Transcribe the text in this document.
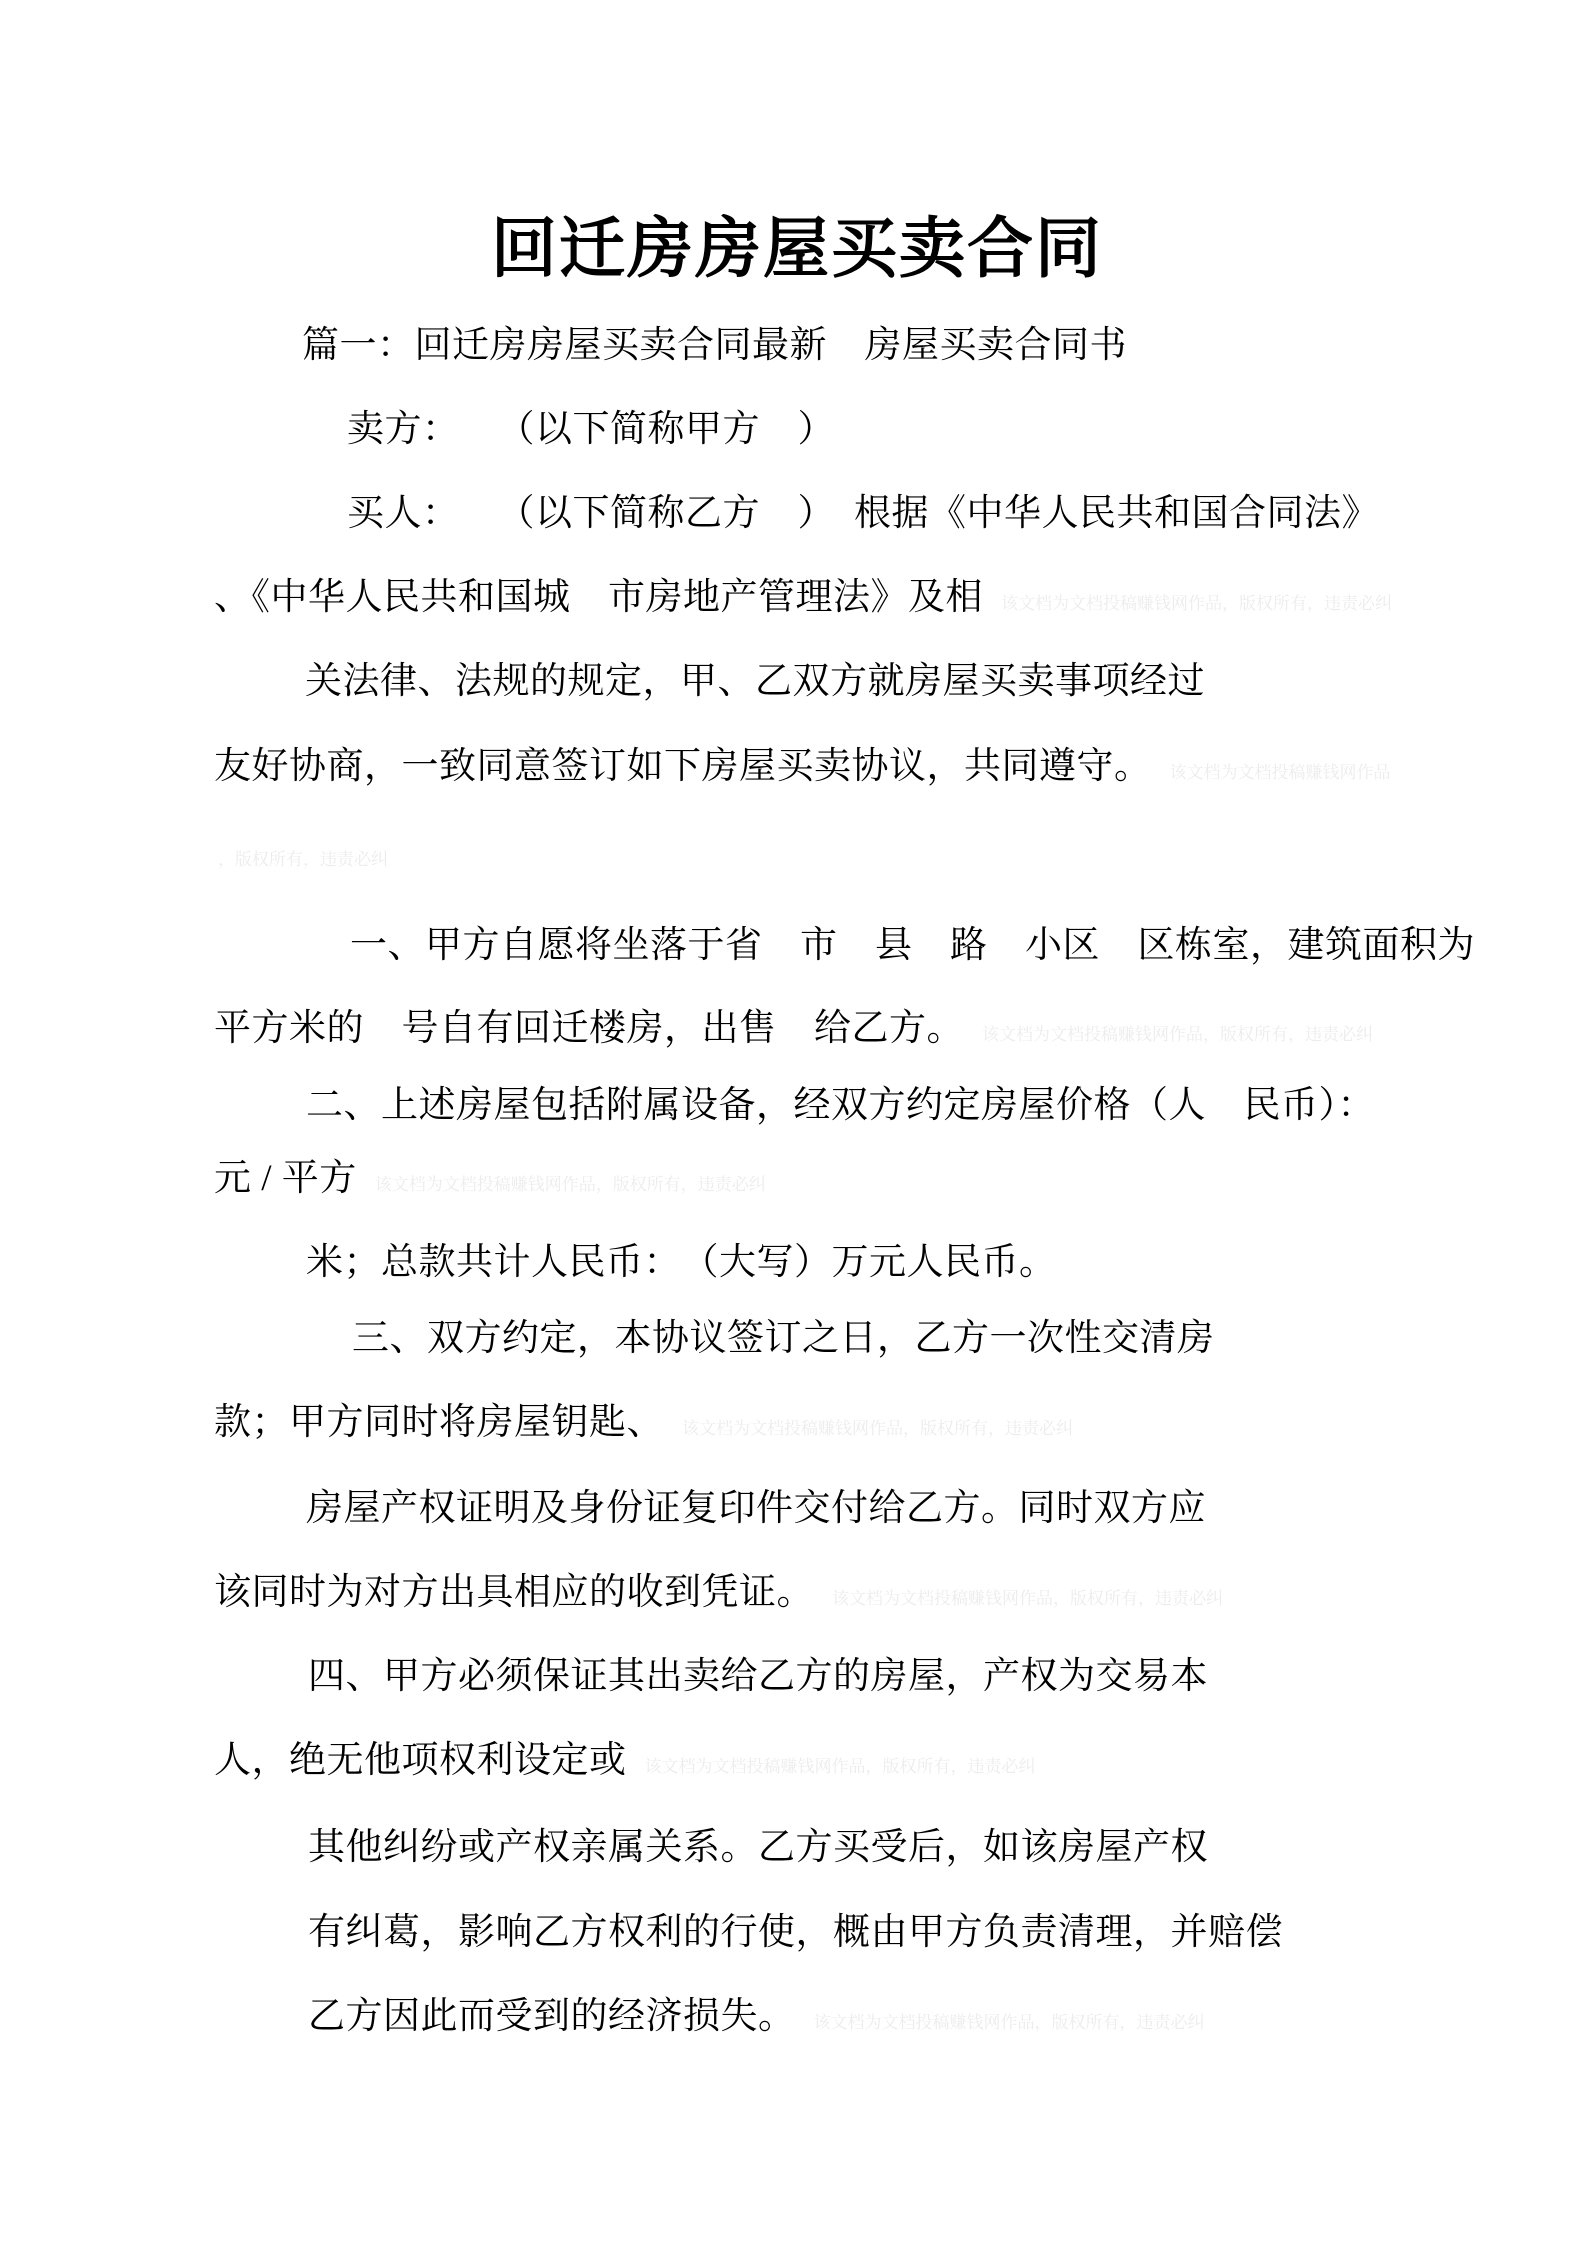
回迁房房屋买卖合同
篇一：回迁房房屋买卖合同最新　房屋买卖合同书
卖方：　　（以下简称甲方　）
买人：　　（以下简称乙方　）　根据《中华人民共和国合同法》
、《中华人民共和国城　市房地产管理法》及相 该文档为文档投稿赚钱网作品，版权所有，违责必纠
关法律、法规的规定，甲、乙双方就房屋买卖事项经过
友好协商，一致同意签订如下房屋买卖协议，共同遵守。 该文档为文档投稿赚钱网作品
，版权所有，违责必纠
一、甲方自愿将坐落于省　市　县　路　小区　区栋室，建筑面积为
平方米的　号自有回迁楼房，出售　给乙方。 该文档为文档投稿赚钱网作品，版权所有，违责必纠
二、上述房屋包括附属设备，经双方约定房屋价格（人　民币）：
元 / 平方 该文档为文档投稿赚钱网作品，版权所有，违责必纠
米；总款共计人民币：　（大写）万元人民币。
三、双方约定，本协议签订之日，乙方一次性交清房
款；甲方同时将房屋钥匙、 该文档为文档投稿赚钱网作品，版权所有，违责必纠
房屋产权证明及身份证复印件交付给乙方。同时双方应
该同时为对方出具相应的收到凭证。 该文档为文档投稿赚钱网作品，版权所有，违责必纠
四、甲方必须保证其出卖给乙方的房屋，产权为交易本
人，绝无他项权利设定或 该文档为文档投稿赚钱网作品，版权所有，违责必纠
其他纠纷或产权亲属关系。乙方买受后，如该房屋产权
有纠葛，影响乙方权利的行使，概由甲方负责清理，并赔偿
乙方因此而受到的经济损失。 该文档为文档投稿赚钱网作品，版权所有，违责必纠
